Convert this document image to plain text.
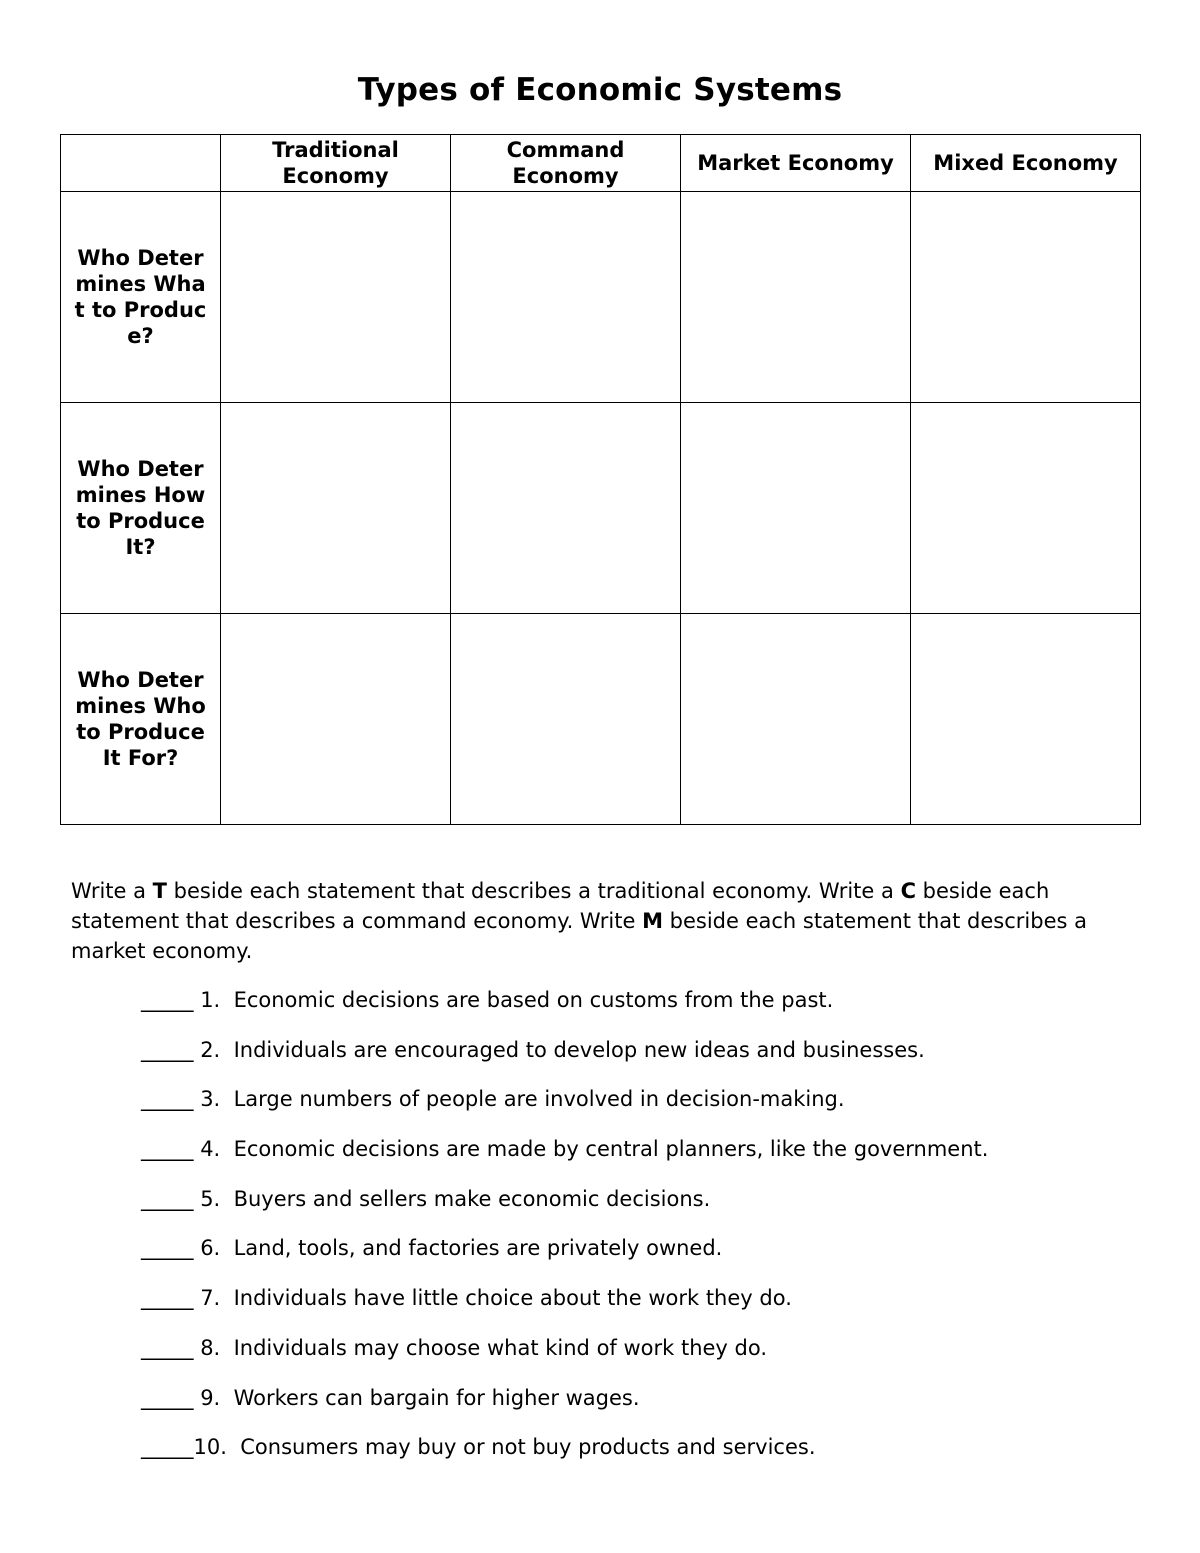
Types of Economic Systems
	Traditional Economy	Command Economy	Market Economy	Mixed Economy
Who Determines What to Produce?				
Who Determines How to Produce It?				
Who Determines Who to Produce It For?				
Write a T beside each statement that describes a traditional economy. Write a C beside each statement that describes a command economy. Write M beside each statement that describes a market economy.
_____ 1.  Economic decisions are based on customs from the past.
_____ 2.  Individuals are encouraged to develop new ideas and businesses.
_____ 3.  Large numbers of people are involved in decision-making.
_____ 4.  Economic decisions are made by central planners, like the government.
_____ 5.  Buyers and sellers make economic decisions.
_____ 6.  Land, tools, and factories are privately owned.
_____ 7.  Individuals have little choice about the work they do.
_____ 8.  Individuals may choose what kind of work they do.
_____ 9.  Workers can bargain for higher wages.
_____10.  Consumers may buy or not buy products and services.
